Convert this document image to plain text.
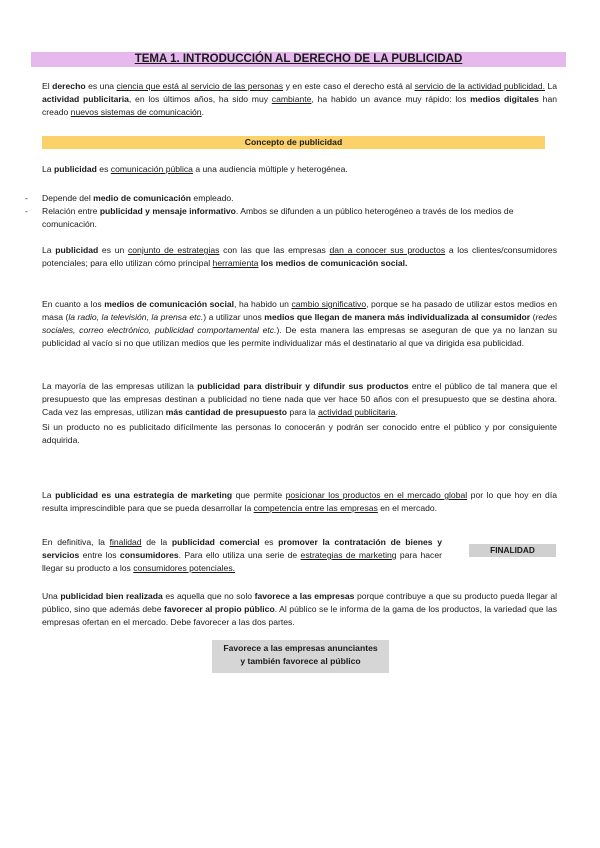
TEMA 1. INTRODUCCIÓN AL DERECHO DE LA PUBLICIDAD

El derecho es una ciencia que está al servicio de las personas y en este caso el derecho está al servicio de la actividad publicidad. La actividad publicitaria, en los últimos años, ha sido muy cambiante, ha habido un avance muy rápido: los medios digitales han creado nuevos sistemas de comunicación.

Concepto de publicidad

La publicidad es comunicación pública a una audiencia múltiple y heterogénea.

- Depende del medio de comunicación empleado.
- Relación entre publicidad y mensaje informativo. Ambos se difunden a un público heterogéneo a través de los medios de comunicación.

La publicidad es un conjunto de estrategias con las que las empresas dan a conocer sus productos a los clientes/consumidores potenciales; para ello utilizan cómo principal herramienta los medios de comunicación social.

En cuanto a los medios de comunicación social, ha habido un cambio significativo, porque se ha pasado de utilizar estos medios en masa (la radio, la televisión, la prensa etc.) a utilizar unos medios que llegan de manera más individualizada al consumidor (redes sociales, correo electrónico, publicidad comportamental etc.). De esta manera las empresas se aseguran de que ya no lanzan su publicidad al vacío si no que utilizan medios que les permite individualizar más el destinatario al que va dirigida esa publicidad.

La mayoría de las empresas utilizan la publicidad para distribuir y difundir sus productos entre el público de tal manera que el presupuesto que las empresas destinan a publicidad no tiene nada que ver hace 50 años con el presupuesto que se destina ahora. Cada vez las empresas, utilizan más cantidad de presupuesto para la actividad publicitaria.

Si un producto no es publicitado difícilmente las personas lo conocerán y podrán ser conocido entre el público y por consiguiente adquirida.

La publicidad es una estrategia de marketing que permite posicionar los productos en el mercado global por lo que hoy en día resulta imprescindible para que se pueda desarrollar la competencia entre las empresas en el mercado.

En definitiva, la finalidad de la publicidad comercial es promover la contratación de bienes y servicios entre los consumidores. Para ello utiliza una serie de estrategias de marketing para hacer llegar su producto a los consumidores potenciales.

FINALIDAD

Una publicidad bien realizada es aquella que no solo favorece a las empresas porque contribuye a que su producto pueda llegar al público, sino que además debe favorecer al propio público. Al público se le informa de la gama de los productos, la variedad que las empresas ofertan en el mercado. Debe favorecer a las dos partes.

Favorece a las empresas anunciantes
y también favorece al público
